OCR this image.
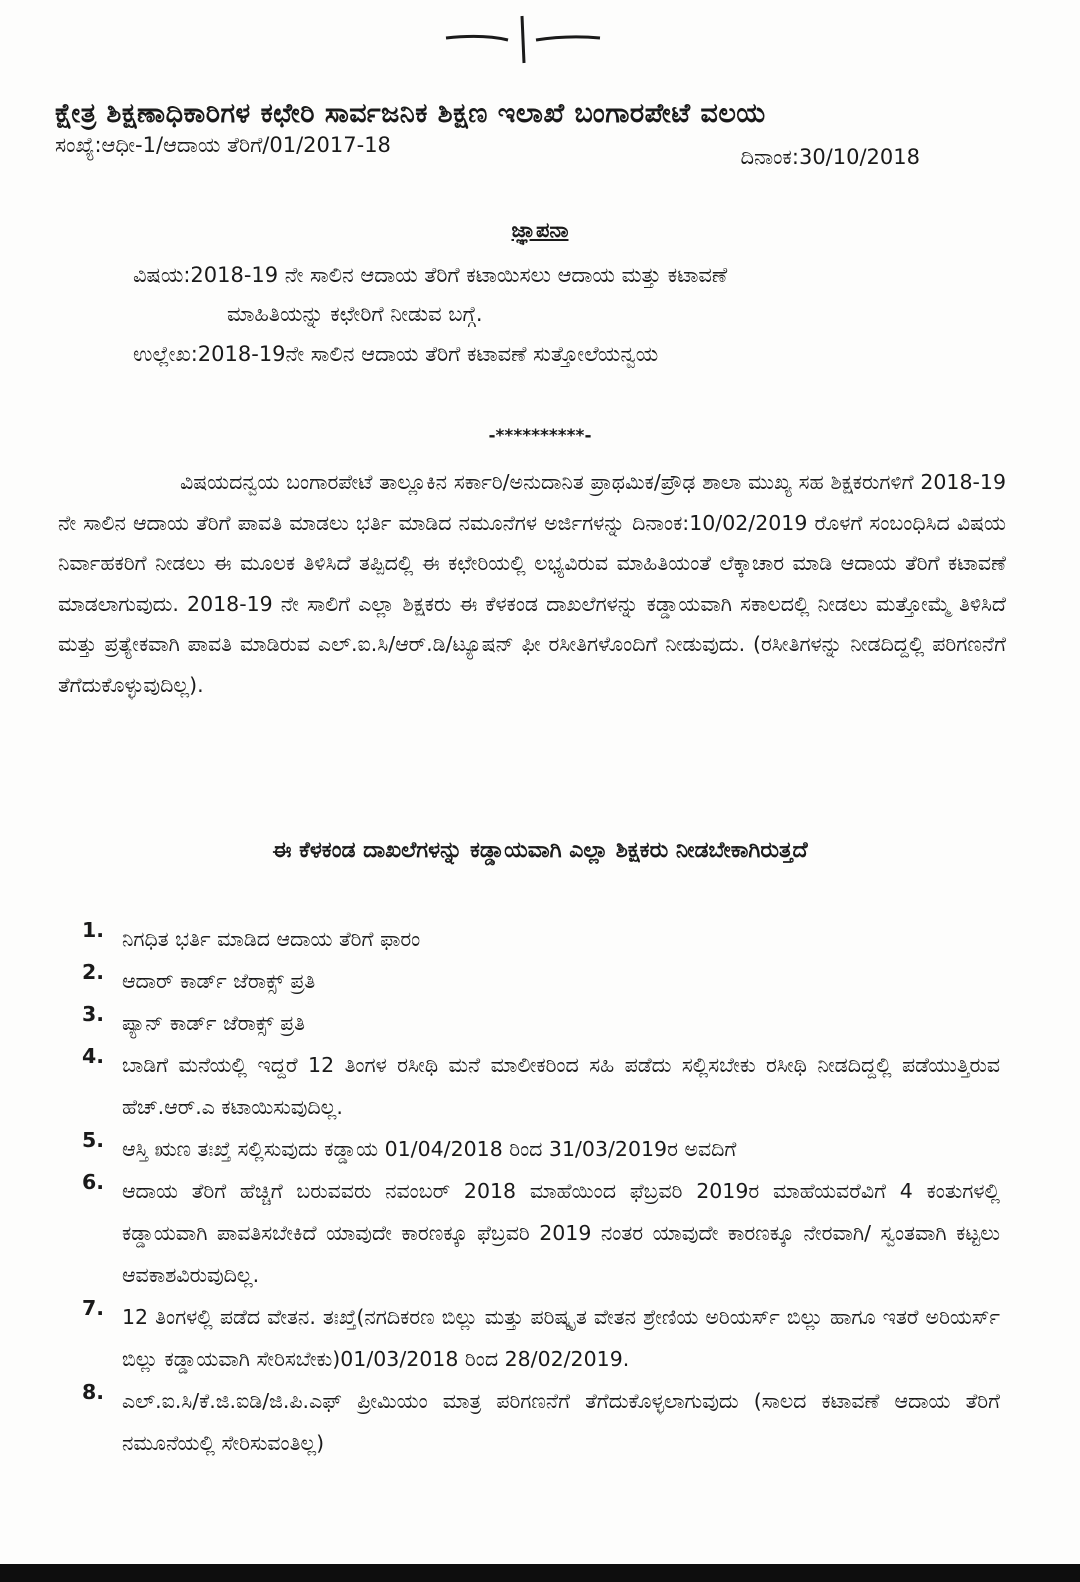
ಕ್ಷೇತ್ರ ಶಿಕ್ಷಣಾಧಿಕಾರಿಗಳ ಕಛೇರಿ ಸಾರ್ವಜನಿಕ ಶಿಕ್ಷಣ ಇಲಾಖೆ ಬಂಗಾರಪೇಟೆ ವಲಯ
ಸಂಖ್ಯೆ:ಆಧೀ-1/ಆದಾಯ ತೆರಿಗೆ/01/2017-18	ದಿನಾಂಕ:30/10/2018
ಜ್ಞಾಪನಾ
ವಿಷಯ:2018-19 ನೇ ಸಾಲಿನ ಆದಾಯ ತೆರಿಗೆ ಕಟಾಯಿಸಲು ಆದಾಯ ಮತ್ತು ಕಟಾವಣೆ
ಮಾಹಿತಿಯನ್ನು ಕಛೇರಿಗೆ ನೀಡುವ ಬಗ್ಗೆ.
ಉಲ್ಲೇಖ:2018-19ನೇ ಸಾಲಿನ ಆದಾಯ ತೆರಿಗೆ ಕಟಾವಣೆ ಸುತ್ತೋಲೆಯನ್ವಯ
-**********-
ವಿಷಯದನ್ವಯ ಬಂಗಾರಪೇಟೆ ತಾಲ್ಲೂಕಿನ ಸರ್ಕಾರಿ/ಅನುದಾನಿತ ಪ್ರಾಥಮಿಕ/ಪ್ರೌಢ ಶಾಲಾ ಮುಖ್ಯ ಸಹ ಶಿಕ್ಷಕರುಗಳಿಗೆ 2018-19 ನೇ ಸಾಲಿನ ಆದಾಯ ತೆರಿಗೆ ಪಾವತಿ ಮಾಡಲು ಭರ್ತಿ ಮಾಡಿದ ನಮೂನೆಗಳ ಅರ್ಜಿಗಳನ್ನು ದಿನಾಂಕ:10/02/2019 ರೊಳಗೆ ಸಂಬಂಧಿಸಿದ ವಿಷಯ ನಿರ್ವಾಹಕರಿಗೆ ನೀಡಲು ಈ ಮೂಲಕ ತಿಳಿಸಿದೆ ತಪ್ಪಿದಲ್ಲಿ ಈ ಕಛೇರಿಯಲ್ಲಿ ಲಭ್ಯವಿರುವ ಮಾಹಿತಿಯಂತೆ ಲೆಕ್ಕಾಚಾರ ಮಾಡಿ ಆದಾಯ ತೆರಿಗೆ ಕಟಾವಣೆ ಮಾಡಲಾಗುವುದು. 2018-19 ನೇ ಸಾಲಿಗೆ ಎಲ್ಲಾ ಶಿಕ್ಷಕರು ಈ ಕೆಳಕಂಡ ದಾಖಲೆಗಳನ್ನು ಕಡ್ಡಾಯವಾಗಿ ಸಕಾಲದಲ್ಲಿ ನೀಡಲು ಮತ್ತೋಮ್ಮೆ ತಿಳಿಸಿದೆ ಮತ್ತು ಪ್ರತ್ಯೇಕವಾಗಿ ಪಾವತಿ ಮಾಡಿರುವ ಎಲ್.ಐ.ಸಿ/ಆರ್.ಡಿ/ಟ್ಯೂಷನ್ ಫೀ ರಸೀತಿಗಳೊಂದಿಗೆ ನೀಡುವುದು. (ರಸೀತಿಗಳನ್ನು ನೀಡದಿದ್ದಲ್ಲಿ ಪರಿಗಣನೆಗೆ ತೆಗೆದುಕೊಳ್ಳುವುದಿಲ್ಲ).
ಈ ಕೆಳಕಂಡ ದಾಖಲೆಗಳನ್ನು ಕಡ್ಡಾಯವಾಗಿ ಎಲ್ಲಾ ಶಿಕ್ಷಕರು ನೀಡಬೇಕಾಗಿರುತ್ತದೆ
1. ನಿಗಧಿತ ಭರ್ತಿ ಮಾಡಿದ ಆದಾಯ ತೆರಿಗೆ ಫಾರಂ
2. ಆದಾರ್ ಕಾರ್ಡ್ ಜೆರಾಕ್ಸ್ ಪ್ರತಿ
3. ಪ್ಯಾನ್ ಕಾರ್ಡ್ ಜೆರಾಕ್ಸ್ ಪ್ರತಿ
4. ಬಾಡಿಗೆ ಮನೆಯಲ್ಲಿ ಇದ್ದರೆ 12 ತಿಂಗಳ ರಸೀಥಿ ಮನೆ ಮಾಲೀಕರಿಂದ ಸಹಿ ಪಡೆದು ಸಲ್ಲಿಸಬೇಕು ರಸೀಥಿ ನೀಡದಿದ್ದಲ್ಲಿ ಪಡೆಯುತ್ತಿರುವ ಹೆಚ್.ಆರ್.ಎ ಕಟಾಯಿಸುವುದಿಲ್ಲ.
5. ಆಸ್ತಿ ಋಣ ತಃಖ್ತೆ ಸಲ್ಲಿಸುವುದು ಕಡ್ಡಾಯ 01/04/2018 ರಿಂದ 31/03/2019ರ ಅವದಿಗೆ
6. ಆದಾಯ ತೆರಿಗೆ ಹೆಚ್ಚಿಗೆ ಬರುವವರು ನವಂಬರ್ 2018 ಮಾಹೆಯಿಂದ ಫೆಬ್ರವರಿ 2019ರ ಮಾಹೆಯವರೆವಿಗೆ 4 ಕಂತುಗಳಲ್ಲಿ ಕಡ್ಡಾಯವಾಗಿ ಪಾವತಿಸಬೇಕಿದೆ ಯಾವುದೇ ಕಾರಣಕ್ಕೂ ಫೆಬ್ರವರಿ 2019 ನಂತರ ಯಾವುದೇ ಕಾರಣಕ್ಕೂ ನೇರವಾಗಿ/ ಸ್ವಂತವಾಗಿ ಕಟ್ಟಲು ಆವಕಾಶವಿರುವುದಿಲ್ಲ.
7. 12 ತಿಂಗಳಲ್ಲಿ ಪಡೆದ ವೇತನ. ತಃಖ್ತೆ(ನಗದಿಕರಣ ಬಿಲ್ಲು ಮತ್ತು ಪರಿಷ್ಕೃತ ವೇತನ ಶ್ರೇಣಿಯ ಅರಿಯರ್ಸ್ ಬಿಲ್ಲು ಹಾಗೂ ಇತರೆ ಅರಿಯರ್ಸ್ ಬಿಲ್ಲು ಕಡ್ಡಾಯವಾಗಿ ಸೇರಿಸಬೇಕು)01/03/2018 ರಿಂದ 28/02/2019.
8. ಎಲ್.ಐ.ಸಿ/ಕೆ.ಜಿ.ಐಡಿ/ಜಿ.ಪಿ.ಎಫ್ ಪ್ರೀಮಿಯಂ ಮಾತ್ರ ಪರಿಗಣನೆಗೆ ತೆಗೆದುಕೊಳ್ಳಲಾಗುವುದು (ಸಾಲದ ಕಟಾವಣೆ ಆದಾಯ ತೆರಿಗೆ ನಮೂನೆಯಲ್ಲಿ ಸೇರಿಸುವಂತಿಲ್ಲ)
